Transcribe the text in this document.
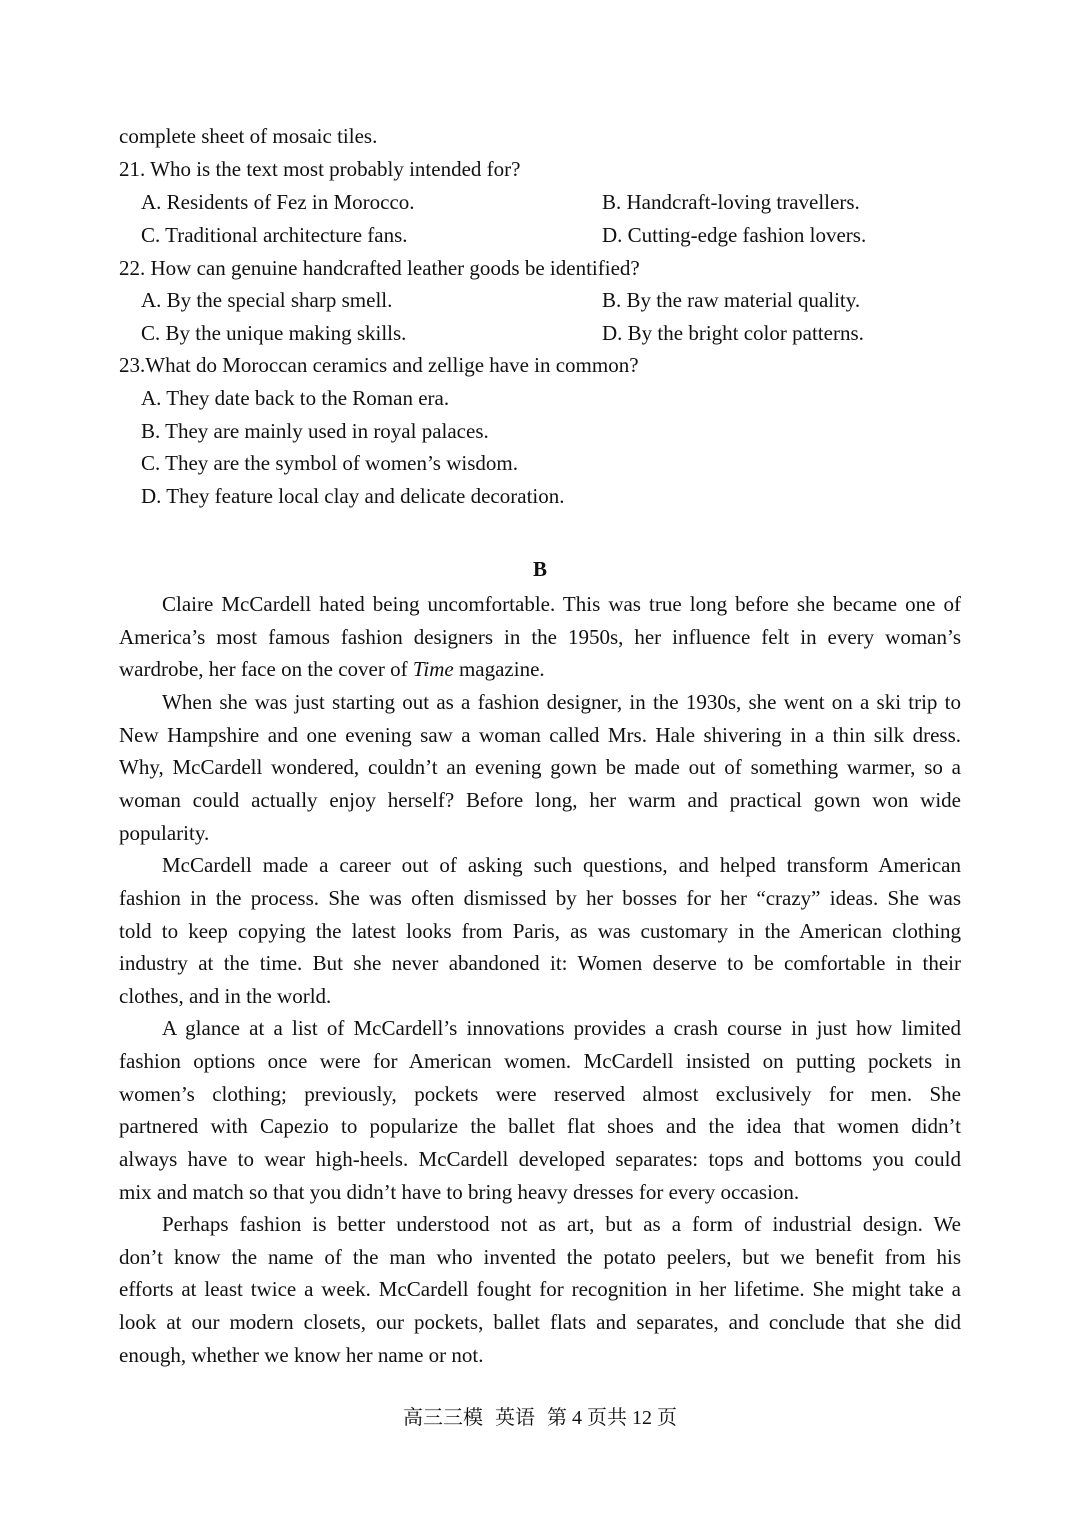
complete sheet of mosaic tiles.
21. Who is the text most probably intended for?
A. Residents of Fez in Morocco.	B. Handcraft-loving travellers.
C. Traditional architecture fans.	D. Cutting-edge fashion lovers.
22. How can genuine handcrafted leather goods be identified?
A. By the special sharp smell.	B. By the raw material quality.
C. By the unique making skills.	D. By the bright color patterns.
23.What do Moroccan ceramics and zellige have in common?
A. They date back to the Roman era.
B. They are mainly used in royal palaces.
C. They are the symbol of women’s wisdom.
D. They feature local clay and delicate decoration.
B
Claire McCardell hated being uncomfortable. This was true long before she became one of
America’s most famous fashion designers in the 1950s, her influence felt in every woman’s
wardrobe, her face on the cover of Time magazine.
When she was just starting out as a fashion designer, in the 1930s, she went on a ski trip to
New Hampshire and one evening saw a woman called Mrs. Hale shivering in a thin silk dress.
Why, McCardell wondered, couldn’t an evening gown be made out of something warmer, so a
woman could actually enjoy herself? Before long, her warm and practical gown won wide
popularity.
McCardell made a career out of asking such questions, and helped transform American
fashion in the process. She was often dismissed by her bosses for her “crazy” ideas. She was
told to keep copying the latest looks from Paris, as was customary in the American clothing
industry at the time. But she never abandoned it: Women deserve to be comfortable in their
clothes, and in the world.
A glance at a list of McCardell’s innovations provides a crash course in just how limited
fashion options once were for American women. McCardell insisted on putting pockets in
women’s clothing; previously, pockets were reserved almost exclusively for men. She
partnered with Capezio to popularize the ballet flat shoes and the idea that women didn’t
always have to wear high-heels. McCardell developed separates: tops and bottoms you could
mix and match so that you didn’t have to bring heavy dresses for every occasion.
Perhaps fashion is better understood not as art, but as a form of industrial design. We
don’t know the name of the man who invented the potato peelers, but we benefit from his
efforts at least twice a week. McCardell fought for recognition in her lifetime. She might take a
look at our modern closets, our pockets, ballet flats and separates, and conclude that she did
enough, whether we know her name or not.
高三三模 英语 第 4 页共 12 页
